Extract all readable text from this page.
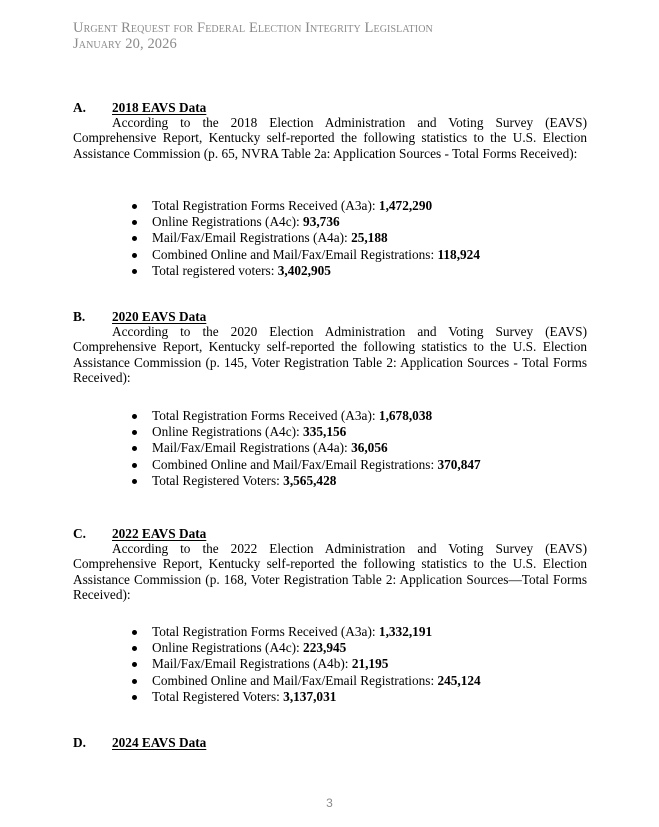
Urgent Request for Federal Election Integrity Legislation
January 20, 2026
A. 2018 EAVS Data

According to the 2018 Election Administration and Voting Survey (EAVS) Comprehensive Report, Kentucky self-reported the following statistics to the U.S. Election Assistance Commission (p. 65, NVRA Table 2a: Application Sources - Total Forms Received):

Total Registration Forms Received (A3a): 1,472,290
Online Registrations (A4c): 93,736
Mail/Fax/Email Registrations (A4a): 25,188
Combined Online and Mail/Fax/Email Registrations: 118,924
Total registered voters: 3,402,905
B. 2020 EAVS Data

According to the 2020 Election Administration and Voting Survey (EAVS) Comprehensive Report, Kentucky self-reported the following statistics to the U.S. Election Assistance Commission (p. 145, Voter Registration Table 2: Application Sources - Total Forms Received):

Total Registration Forms Received (A3a): 1,678,038
Online Registrations (A4c): 335,156
Mail/Fax/Email Registrations (A4a): 36,056
Combined Online and Mail/Fax/Email Registrations: 370,847
Total Registered Voters: 3,565,428
C. 2022 EAVS Data

According to the 2022 Election Administration and Voting Survey (EAVS) Comprehensive Report, Kentucky self-reported the following statistics to the U.S. Election Assistance Commission (p. 168, Voter Registration Table 2: Application Sources—Total Forms Received):

Total Registration Forms Received (A3a): 1,332,191
Online Registrations (A4c): 223,945
Mail/Fax/Email Registrations (A4b): 21,195
Combined Online and Mail/Fax/Email Registrations: 245,124
Total Registered Voters: 3,137,031
D. 2024 EAVS Data
3
